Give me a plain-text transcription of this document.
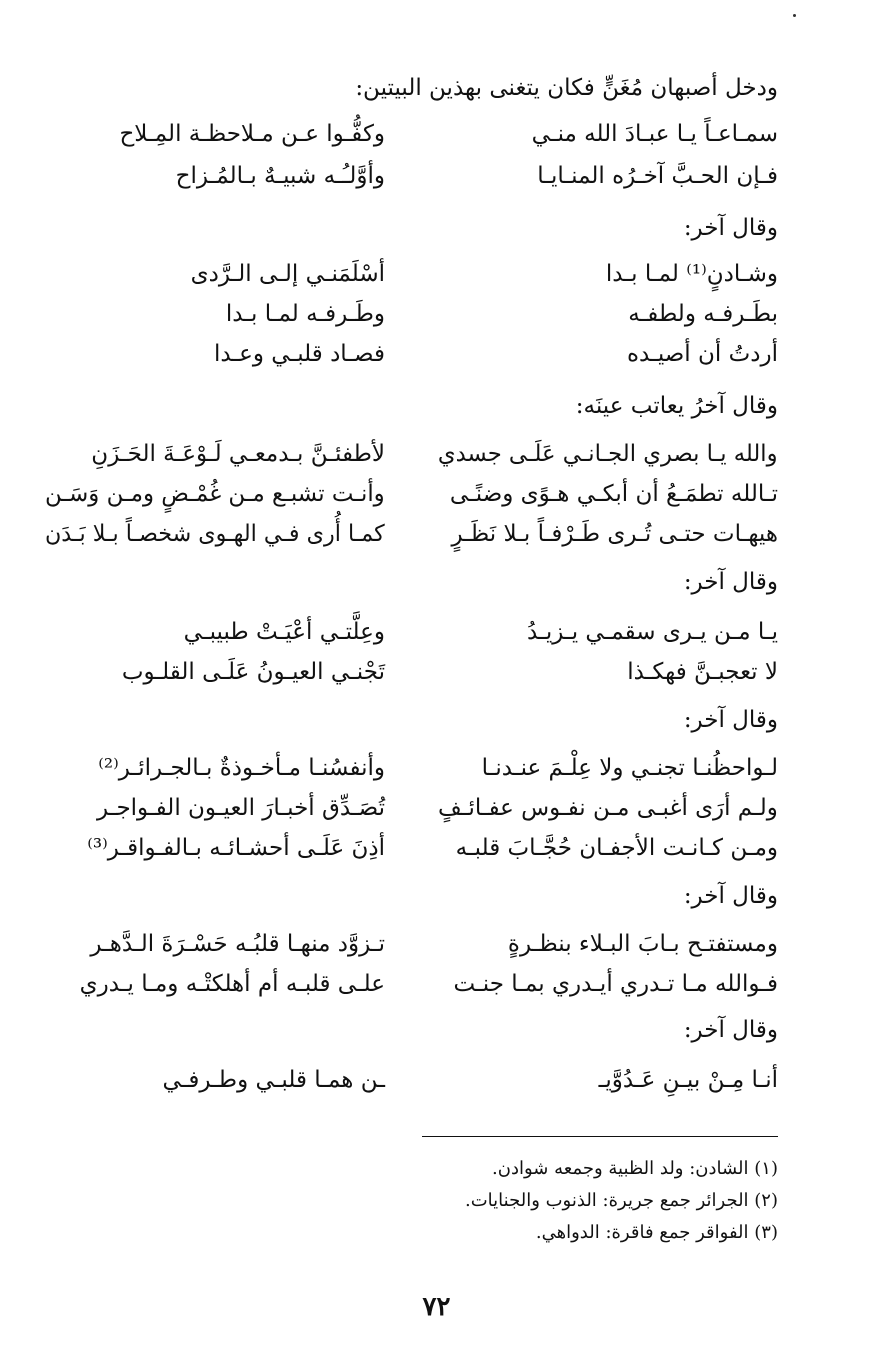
ودخل أصبهان مُغَنٍّ فكان يتغنى بهذين البيتين:
سمـاعـاً يـا عبـادَ الله منـي
وكفُّـوا عـن مـلاحظـة المِـلاح
فـإن الحـبَّ آخـرُه المنـايـا
وأوَّلـُـه شبيـهٌ بـالمُـزاح
وقال آخر:
وشـادنٍ⁽¹⁾ لمـا بـدا
أسْلَمَنـي إلـى الـرَّدى
بطَـرفـه ولطفـه
وطَـرفـه لمـا بـدا
أردتُ أن أصيـده
فصـاد قلبـي وعـدا
وقال آخرُ يعاتب عينَه:
والله يـا بصري الجـانـي عَلَـى جسدي
لأطفئـنَّ بـدمعـي لَـوْعَـةَ الحَـزَنِ
تـالله تطمَـعُ أن أبكـي هـوًى وضنًـى
وأنـت تشبـع مـن غُمْـضٍ ومـن وَسَـن
هيهـات حتـى تُـرى طَـرْفـاً بـلا نَظَـرٍ
كمـا أُرى فـي الهـوى شخصـاً بـلا بَـدَن
وقال آخر:
يـا مـن يـرى سقمـي يـزيـدُ
وعِلَّتـي أعْيَـتْ طبيبـي
لا تعجبـنَّ فهكـذا
تَجْنـي العيـونُ عَلَـى القلـوب
وقال آخر:
لـواحظُنـا تجنـي ولا عِلْـمَ عنـدنـا
وأنفسُنـا مـأخـوذةٌ بـالجـرائـر⁽²⁾
ولـم أرَى أغبـى مـن نفـوس عفـائـفٍ
تُصَـدِّق أخبـارَ العيـون الفـواجـر
ومـن كـانـت الأجفـان حُجَّـابَ قلبـه
أذِنَ عَلَـى أحشـائـه بـالفـواقـر⁽³⁾
وقال آخر:
ومستفتـح بـابَ البـلاء بنظـرةٍ
تـزوَّد منهـا قلبُـه حَسْـرَةَ الـدَّهـر
فـوالله مـا تـدري أيـدري بمـا جنـت
علـى قلبـه أم أهلكتْـه ومـا يـدري
وقال آخر:
أنـا مِـنْ بيـنِ عَـدُوَّيـ
ـن همـا قلبـي وطـرفـي
(١) الشادن: ولد الظبية وجمعه شوادن.
(٢) الجرائر جمع جريرة: الذنوب والجنايات.
(٣) الفواقر جمع فاقرة: الدواهي.
٧٢
